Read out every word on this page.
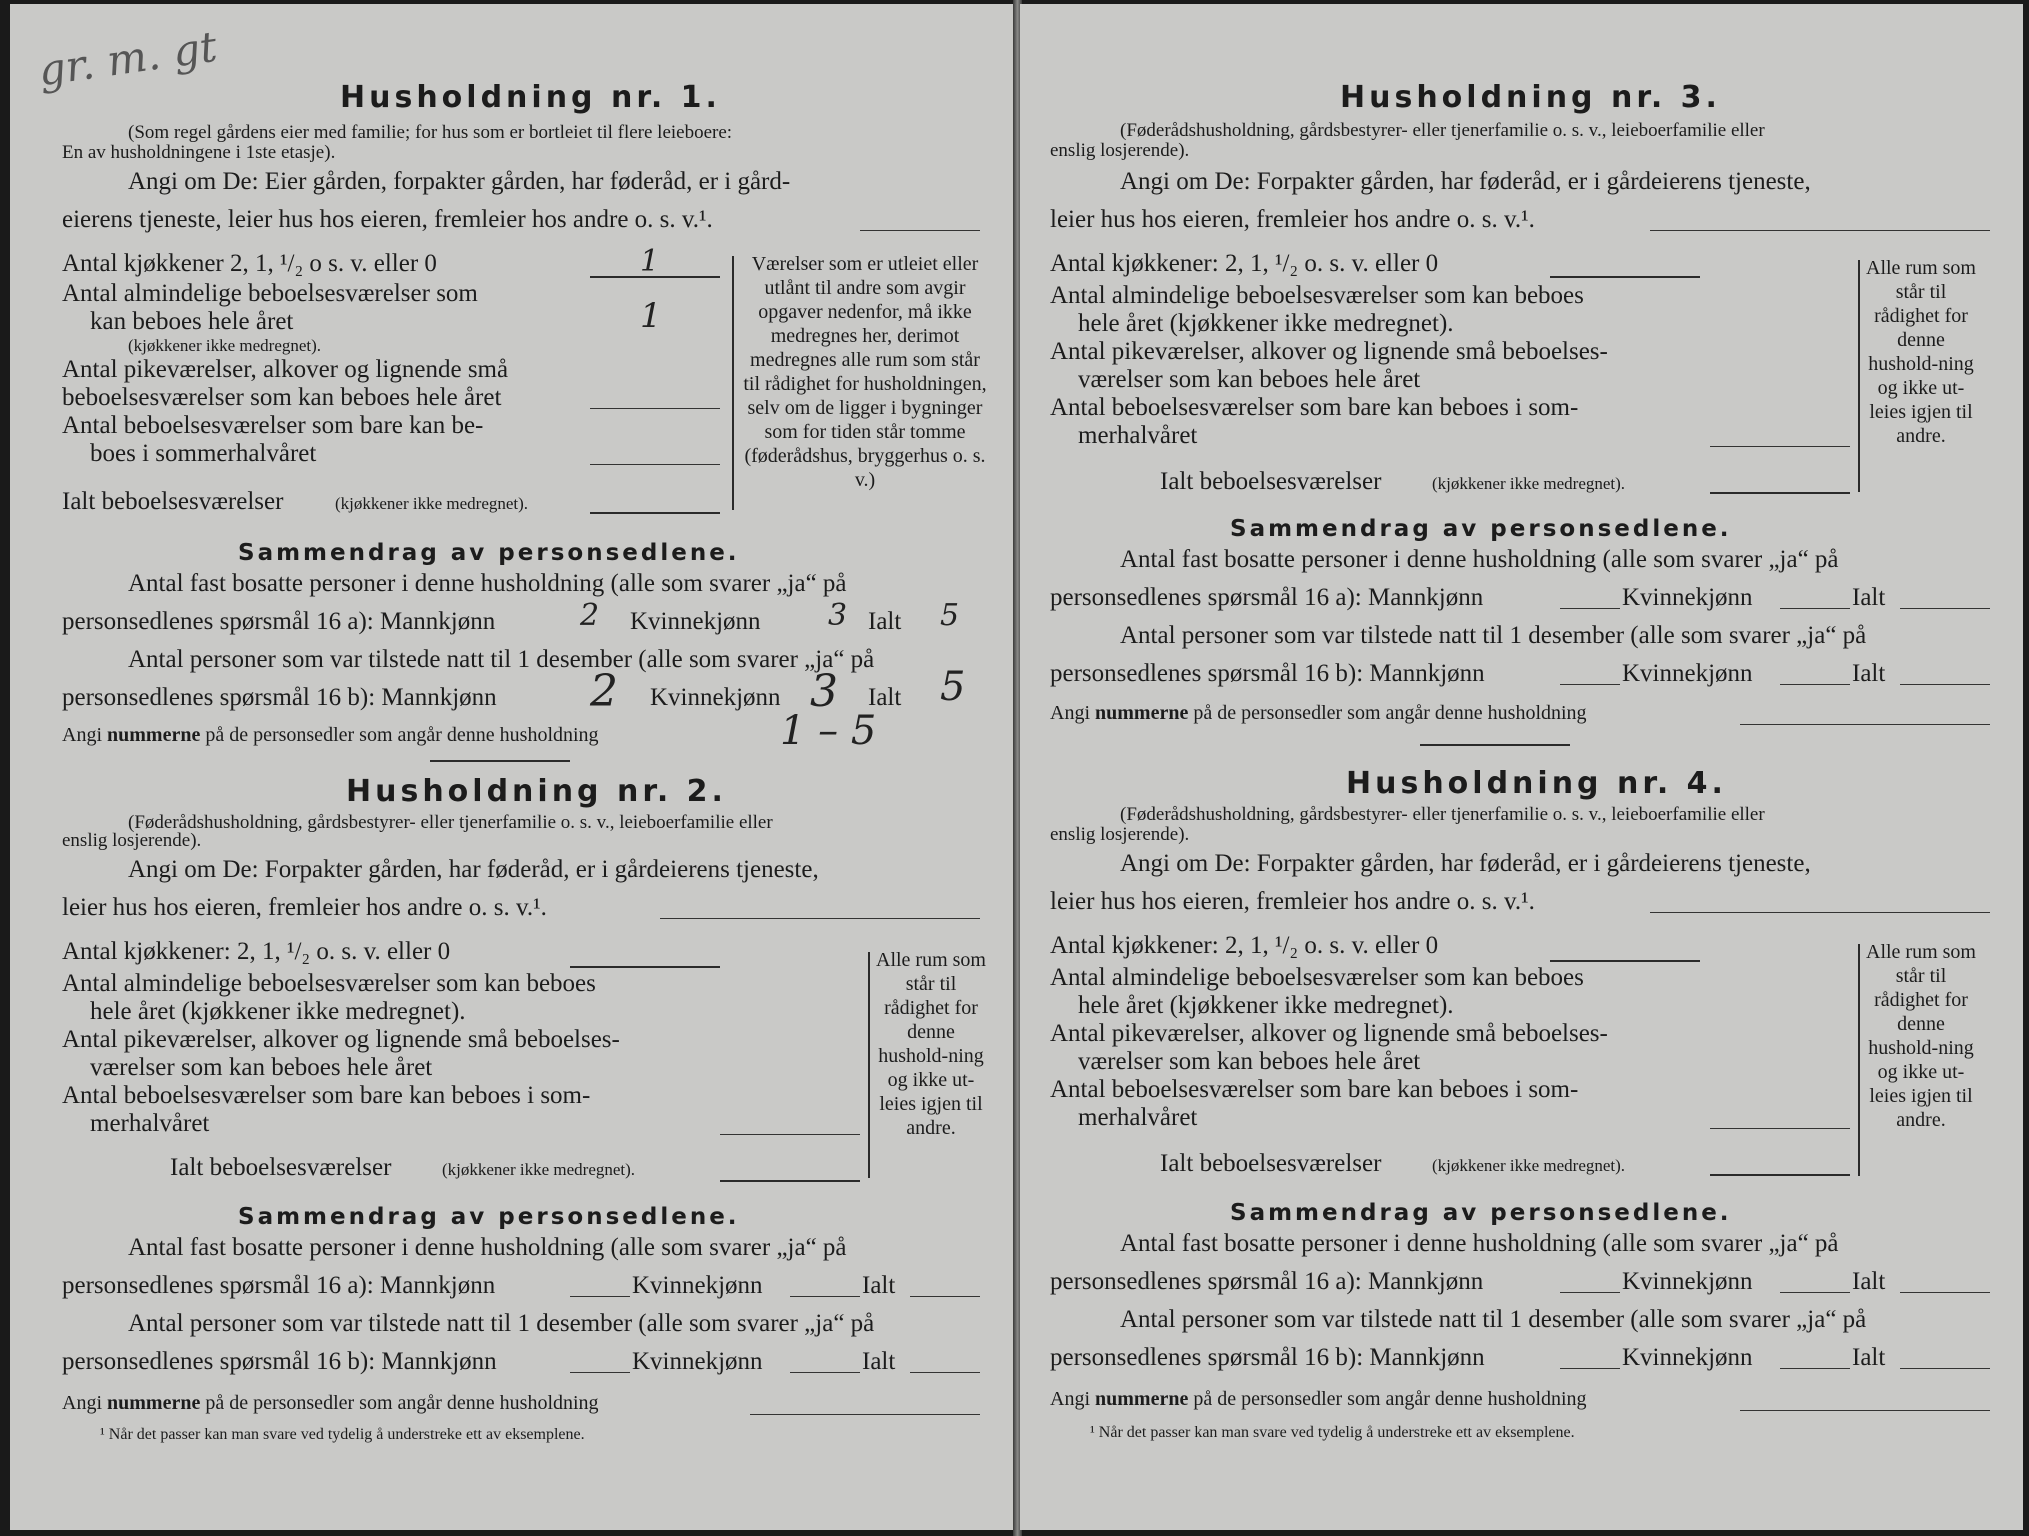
gr. m. gt
Husholdning nr. 1.
(Som regel gårdens eier med familie; for hus som er bortleiet til flere leieboere:
En av husholdningene i 1ste etasje).
Angi om De: Eier gården, forpakter gården, har føderåd, er i gård-
eierens tjeneste, leier hus hos eieren, fremleier hos andre o. s. v.¹.
Antal kjøkkener 2, 1, ¹/₂ o s. v. eller 0	1
Antal almindelige beboelsesværelser som
kan beboes hele året	1
(kjøkkener ikke medregnet).
Antal pikeværelser, alkover og lignende små
beboelsesværelser som kan beboes hele året
Antal beboelsesværelser som bare kan be-
boes i sommerhalvåret
Ialt beboelsesværelser	(kjøkkener ikke medregnet).
Værelser som er utleiet eller utlånt til andre som avgir opgaver nedenfor, må ikke medregnes her, derimot medregnes alle rum som står til rådighet for husholdningen, selv om de ligger i bygninger som for tiden står tomme (føderådshus, bryggerhus o. s. v.)
Sammendrag av personsedlene.
Antal fast bosatte personer i denne husholdning (alle som svarer „ja“ på
personsedlenes spørsmål 16 a): Mannkjønn	2 Kvinnekjønn 3 Ialt 5
Antal personer som var tilstede natt til 1 desember (alle som svarer „ja“ på
personsedlenes spørsmål 16 b): Mannkjønn 2 Kvinnekjønn 3 Ialt 5
Angi nummerne på de personsedler som angår denne husholdning	1 – 5
Husholdning nr. 2.
(Føderådshusholdning, gårdsbestyrer- eller tjenerfamilie o. s. v., leieboerfamilie eller
enslig losjerende).
Angi om De: Forpakter gården, har føderåd, er i gårdeierens tjeneste,
leier hus hos eieren, fremleier hos andre o. s. v.¹.
Antal kjøkkener: 2, 1, ¹/₂ o. s. v. eller 0
Antal almindelige beboelsesværelser som kan beboes
hele året (kjøkkener ikke medregnet).
Antal pikeværelser, alkover og lignende små beboelses-
værelser som kan beboes hele året
Antal beboelsesværelser som bare kan beboes i som-
merhalvåret
Ialt beboelsesværelser	(kjøkkener ikke medregnet).
Alle rum som står til rådighet for denne hushold-ning og ikke ut-leies igjen til andre.
Sammendrag av personsedlene.
Antal fast bosatte personer i denne husholdning (alle som svarer „ja“ på
personsedlenes spørsmål 16 a): Mannkjønn	Kvinnekjønn	Ialt
Antal personer som var tilstede natt til 1 desember (alle som svarer „ja“ på
personsedlenes spørsmål 16 b): Mannkjønn	Kvinnekjønn	Ialt
Angi nummerne på de personsedler som angår denne husholdning
¹ Når det passer kan man svare ved tydelig å understreke ett av eksemplene.
Husholdning nr. 3.
(Føderådshusholdning, gårdsbestyrer- eller tjenerfamilie o. s. v., leieboerfamilie eller
enslig losjerende).
Angi om De: Forpakter gården, har føderåd, er i gårdeierens tjeneste,
leier hus hos eieren, fremleier hos andre o. s. v.¹.
Antal kjøkkener: 2, 1, ¹/₂ o. s. v. eller 0
Antal almindelige beboelsesværelser som kan beboes
hele året (kjøkkener ikke medregnet).
Antal pikeværelser, alkover og lignende små beboelses-
værelser som kan beboes hele året
Antal beboelsesværelser som bare kan beboes i som-
merhalvåret
Ialt beboelsesværelser	(kjøkkener ikke medregnet).
Alle rum som står til rådighet for denne hushold-ning og ikke ut-leies igjen til andre.
Sammendrag av personsedlene.
Antal fast bosatte personer i denne husholdning (alle som svarer „ja“ på
personsedlenes spørsmål 16 a): Mannkjønn	Kvinnekjønn	Ialt
Antal personer som var tilstede natt til 1 desember (alle som svarer „ja“ på
personsedlenes spørsmål 16 b): Mannkjønn	Kvinnekjønn	Ialt
Angi nummerne på de personsedler som angår denne husholdning
Husholdning nr. 4.
(Føderådshusholdning, gårdsbestyrer- eller tjenerfamilie o. s. v., leieboerfamilie eller
enslig losjerende).
Angi om De: Forpakter gården, har føderåd, er i gårdeierens tjeneste,
leier hus hos eieren, fremleier hos andre o. s. v.¹.
Antal kjøkkener: 2, 1, ¹/₂ o. s. v. eller 0
Antal almindelige beboelsesværelser som kan beboes
hele året (kjøkkener ikke medregnet).
Antal pikeværelser, alkover og lignende små beboelses-
værelser som kan beboes hele året
Antal beboelsesværelser som bare kan beboes i som-
merhalvåret
Ialt beboelsesværelser	(kjøkkener ikke medregnet).
Alle rum som står til rådighet for denne hushold-ning og ikke ut-leies igjen til andre.
Sammendrag av personsedlene.
Antal fast bosatte personer i denne husholdning (alle som svarer „ja“ på
personsedlenes spørsmål 16 a): Mannkjønn	Kvinnekjønn	Ialt
Antal personer som var tilstede natt til 1 desember (alle som svarer „ja“ på
personsedlenes spørsmål 16 b): Mannkjønn	Kvinnekjønn	Ialt
Angi nummerne på de personsedler som angår denne husholdning
¹ Når det passer kan man svare ved tydelig å understreke ett av eksemplene.
